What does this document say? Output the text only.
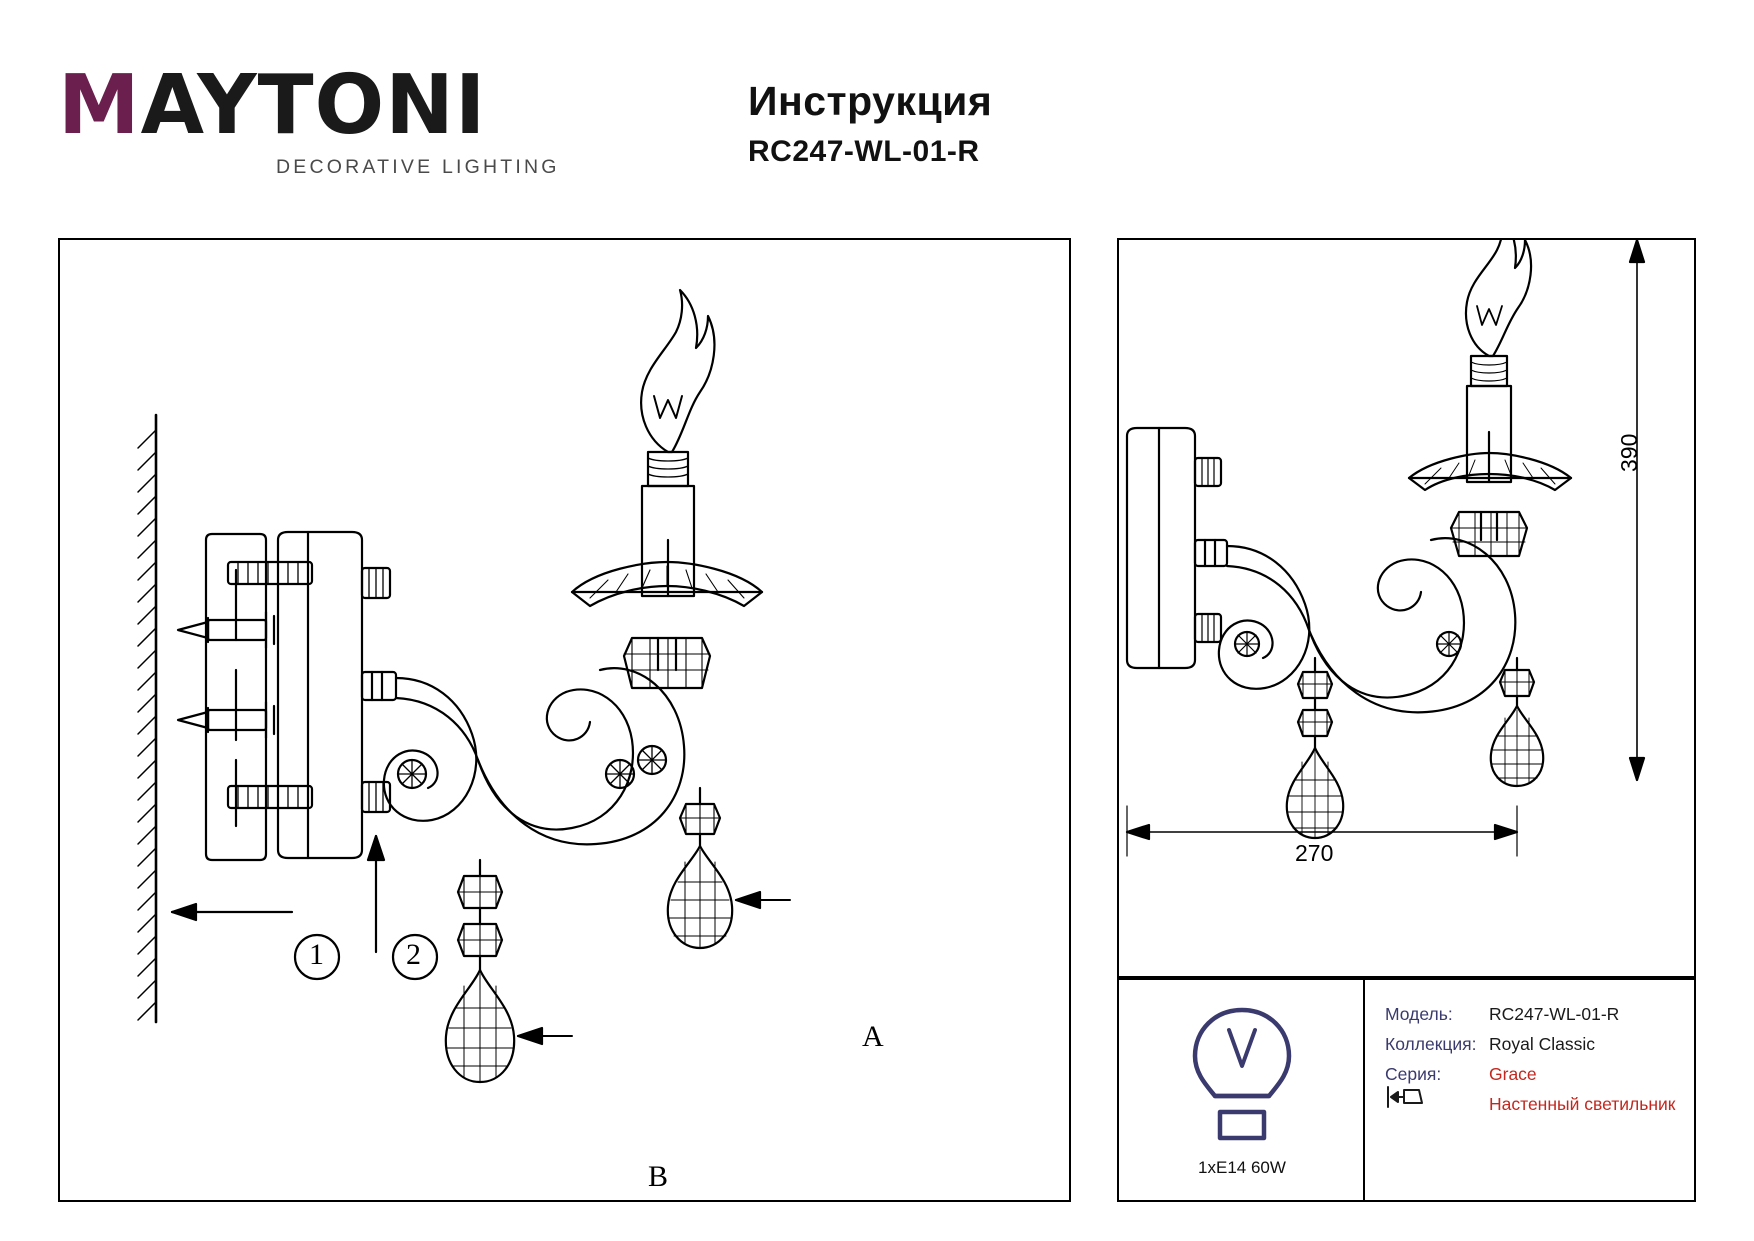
MAYTONI
DECORATIVE LIGHTING
Инструкция
RC247-WL-01-R
A
B
1	2
390
270
1xE14 60W
Модель:	RC247-WL-01-R
Коллекция: Royal Classic
Серия:	Grace
Настенный светильник
